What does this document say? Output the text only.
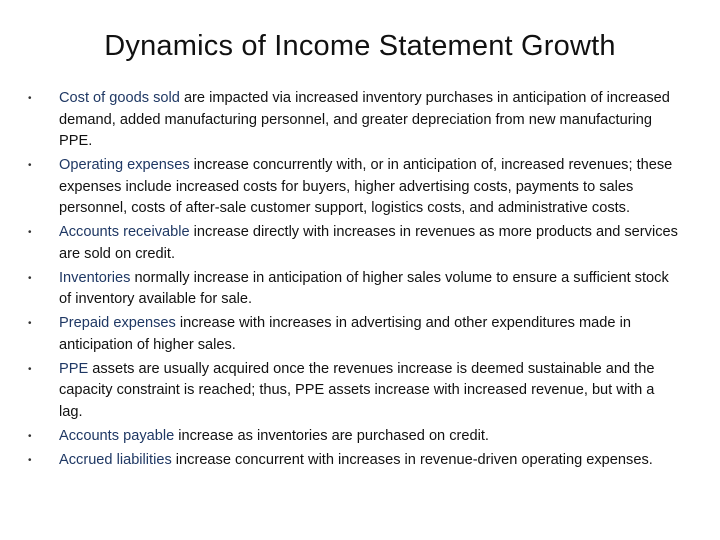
Dynamics of Income Statement Growth
•	Cost of goods sold are impacted via increased inventory purchases in anticipation of increased demand, added manufacturing personnel, and greater depreciation from new manufacturing PPE.
•	Operating expenses increase concurrently with, or in anticipation of, increased revenues; these expenses include increased costs for buyers, higher advertising costs, payments to sales personnel, costs of after-sale customer support, logistics costs, and administrative costs.
•	Accounts receivable increase directly with increases in revenues as more products and services are sold on credit.
•	Inventories normally increase in anticipation of higher sales volume to ensure a sufficient stock of inventory available for sale.
•	Prepaid expenses increase with increases in advertising and other expenditures made in anticipation of higher sales.
•	PPE assets are usually acquired once the revenues increase is deemed sustainable and the capacity constraint is reached; thus, PPE assets increase with increased revenue, but with a lag.
•	Accounts payable increase as inventories are purchased on credit.
•	Accrued liabilities increase concurrent with increases in revenue-driven operating expenses.
